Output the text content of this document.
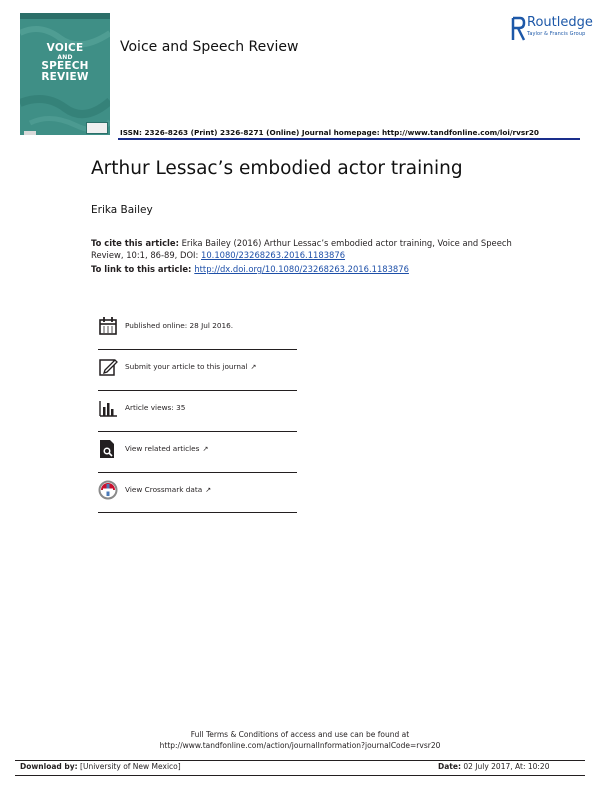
VOICE
AND
SPEECH
REVIEW
Voice and Speech Review
Routledge
Taylor & Francis Group
ISSN: 2326-8263 (Print) 2326-8271 (Online) Journal homepage: http://www.tandfonline.com/loi/rvsr20
Arthur Lessac’s embodied actor training
Erika Bailey
To cite this article: Erika Bailey (2016) Arthur Lessac’s embodied actor training, Voice and Speech Review, 10:1, 86-89, DOI: 10.1080/23268263.2016.1183876
To link to this article: http://dx.doi.org/10.1080/23268263.2016.1183876
Published online: 28 Jul 2016.
Submit your article to this journal ↗
Article views: 35
View related articles ↗
View Crossmark data ↗
Full Terms & Conditions of access and use can be found at
http://www.tandfonline.com/action/journalInformation?journalCode=rvsr20
Download by: [University of New Mexico]	Date: 02 July 2017, At: 10:20
